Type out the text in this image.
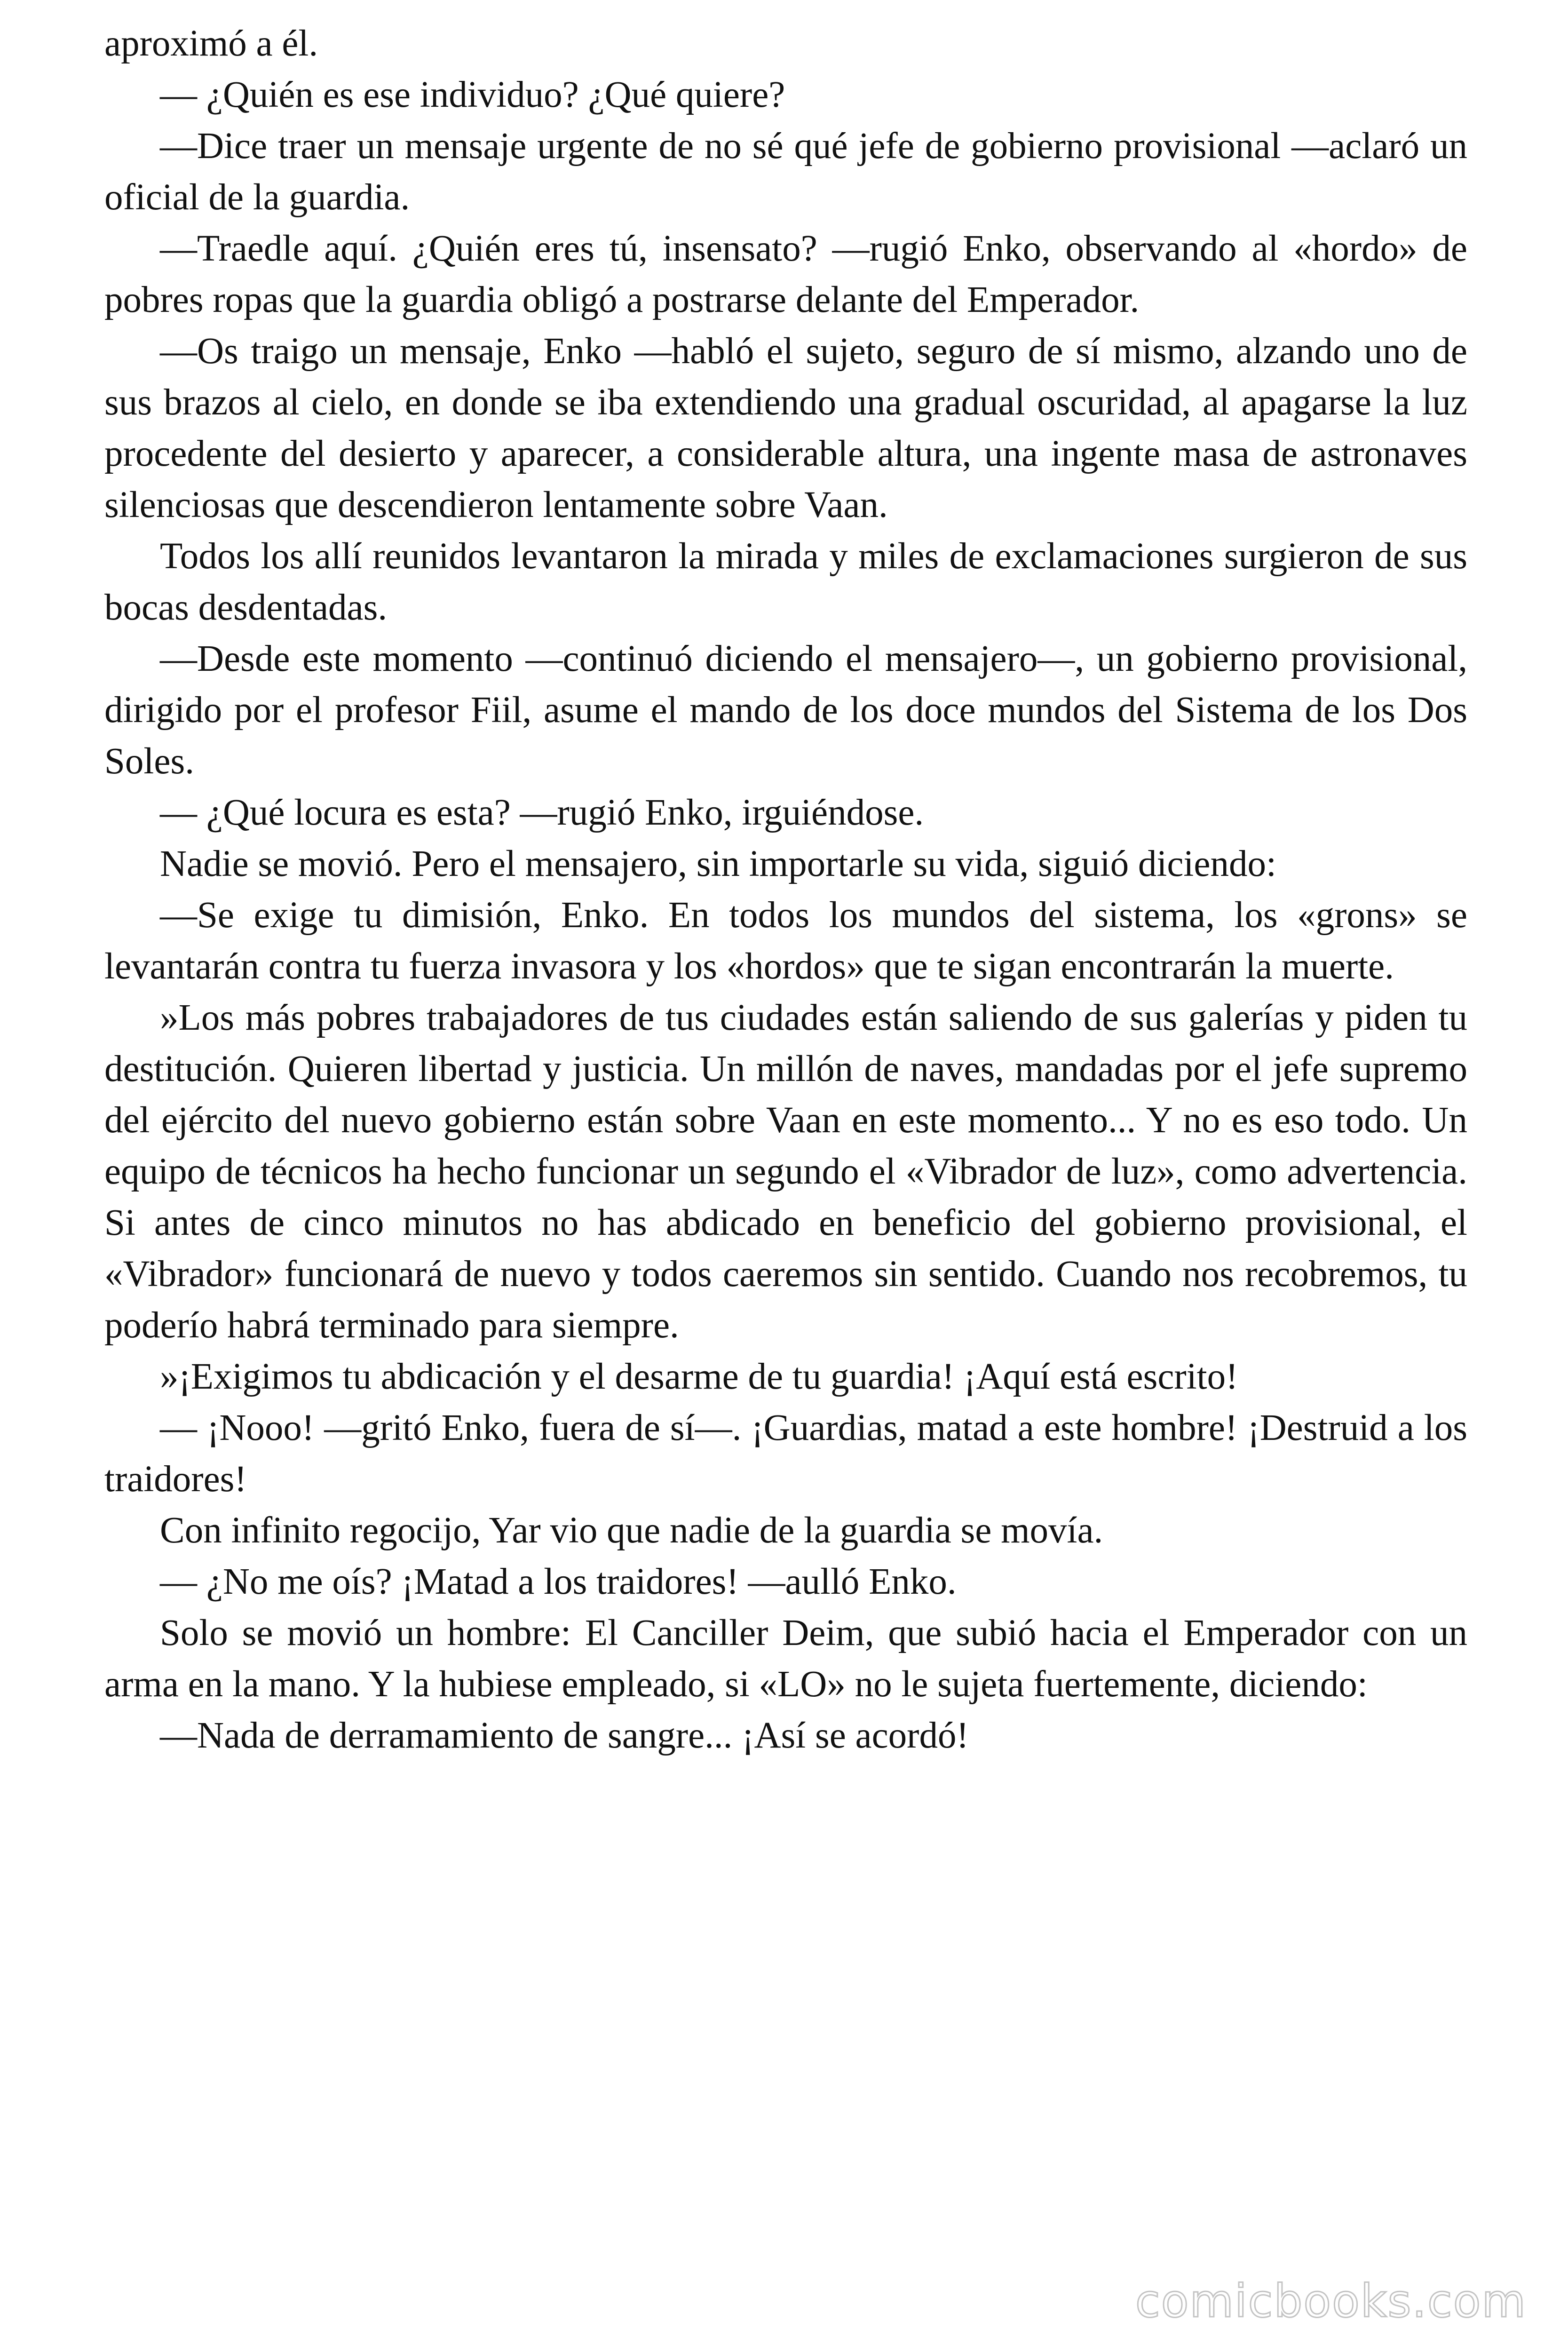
aproximó a él.

— ¿Quién es ese individuo? ¿Qué quiere?

—Dice traer un mensaje urgente de no sé qué jefe de gobierno provisional —aclaró un oficial de la guardia.

—Traedle aquí. ¿Quién eres tú, insensato? —rugió Enko, observando al «hordo» de pobres ropas que la guardia obligó a postrarse delante del Emperador.

—Os traigo un mensaje, Enko —habló el sujeto, seguro de sí mismo, alzando uno de sus brazos al cielo, en donde se iba extendiendo una gradual oscuridad, al apagarse la luz procedente del desierto y aparecer, a considerable altura, una ingente masa de astronaves silenciosas que descendieron lentamente sobre Vaan.

Todos los allí reunidos levantaron la mirada y miles de exclamaciones surgieron de sus bocas desdentadas.

—Desde este momento —continuó diciendo el mensajero—, un gobierno provisional, dirigido por el profesor Fiil, asume el mando de los doce mundos del Sistema de los Dos Soles.

— ¿Qué locura es esta? —rugió Enko, irguiéndose.

Nadie se movió. Pero el mensajero, sin importarle su vida, siguió diciendo:

—Se exige tu dimisión, Enko. En todos los mundos del sistema, los «grons» se levantarán contra tu fuerza invasora y los «hordos» que te sigan encontrarán la muerte.

»Los más pobres trabajadores de tus ciudades están saliendo de sus galerías y piden tu destitución. Quieren libertad y justicia. Un millón de naves, mandadas por el jefe supremo del ejército del nuevo gobierno están sobre Vaan en este momento... Y no es eso todo. Un equipo de técnicos ha hecho funcionar un segundo el «Vibrador de luz», como advertencia. Si antes de cinco minutos no has abdicado en beneficio del gobierno provisional, el «Vibrador» funcionará de nuevo y todos caeremos sin sentido. Cuando nos recobremos, tu poderío habrá terminado para siempre.

»¡Exigimos tu abdicación y el desarme de tu guardia! ¡Aquí está escrito!

— ¡Nooo! —gritó Enko, fuera de sí—. ¡Guardias, matad a este hombre! ¡Destruid a los traidores!

Con infinito regocijo, Yar vio que nadie de la guardia se movía.

— ¿No me oís? ¡Matad a los traidores! —aulló Enko.

Solo se movió un hombre: El Canciller Deim, que subió hacia el Emperador con un arma en la mano. Y la hubiese empleado, si «LO» no le sujeta fuertemente, diciendo:

—Nada de derramamiento de sangre... ¡Así se acordó!

comicbooks.com
